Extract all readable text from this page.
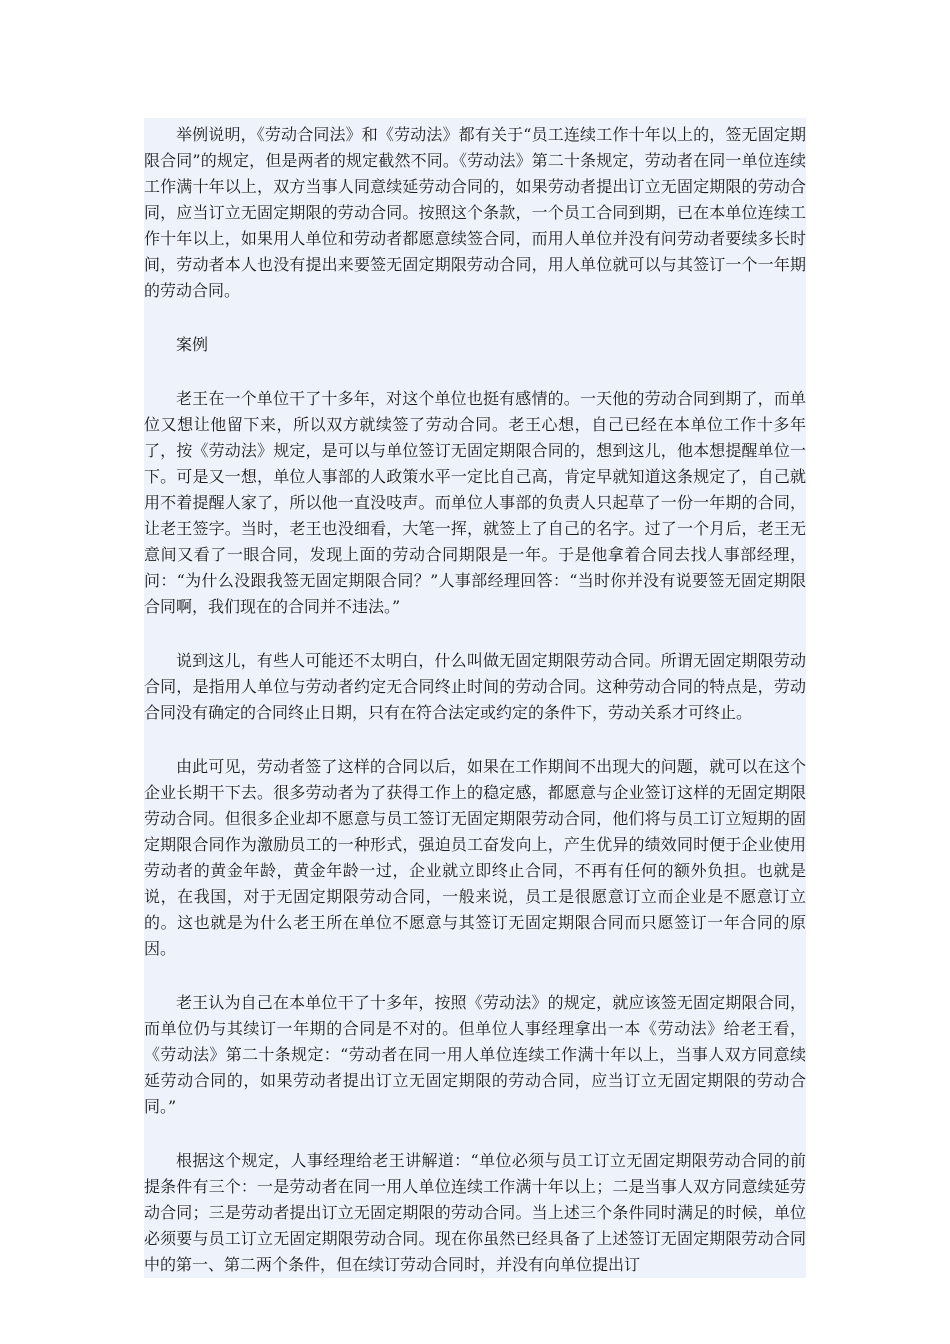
举例说明，《劳动合同法》和《劳动法》都有关于“员工连续工作十年以上的，签无固定期限合同”的规定，但是两者的规定截然不同。《劳动法》第二十条规定，劳动者在同一单位连续工作满十年以上，双方当事人同意续延劳动合同的，如果劳动者提出订立无固定期限的劳动合同，应当订立无固定期限的劳动合同。按照这个条款，一个员工合同到期，已在本单位连续工作十年以上，如果用人单位和劳动者都愿意续签合同，而用人单位并没有问劳动者要续多长时间，劳动者本人也没有提出来要签无固定期限劳动合同，用人单位就可以与其签订一个一年期的劳动合同。

案例

老王在一个单位干了十多年，对这个单位也挺有感情的。一天他的劳动合同到期了，而单位又想让他留下来，所以双方就续签了劳动合同。老王心想，自己已经在本单位工作十多年了，按《劳动法》规定，是可以与单位签订无固定期限合同的，想到这儿，他本想提醒单位一下。可是又一想，单位人事部的人政策水平一定比自己高，肯定早就知道这条规定了，自己就用不着提醒人家了，所以他一直没吱声。而单位人事部的负责人只起草了一份一年期的合同，让老王签字。当时，老王也没细看，大笔一挥，就签上了自己的名字。过了一个月后，老王无意间又看了一眼合同，发现上面的劳动合同期限是一年。于是他拿着合同去找人事部经理，问：“为什么没跟我签无固定期限合同？”人事部经理回答：“当时你并没有说要签无固定期限合同啊，我们现在的合同并不违法。”

说到这儿，有些人可能还不太明白，什么叫做无固定期限劳动合同。所谓无固定期限劳动合同，是指用人单位与劳动者约定无合同终止时间的劳动合同。这种劳动合同的特点是，劳动合同没有确定的合同终止日期，只有在符合法定或约定的条件下，劳动关系才可终止。

由此可见，劳动者签了这样的合同以后，如果在工作期间不出现大的问题，就可以在这个企业长期干下去。很多劳动者为了获得工作上的稳定感，都愿意与企业签订这样的无固定期限劳动合同。但很多企业却不愿意与员工签订无固定期限劳动合同，他们将与员工订立短期的固定期限合同作为激励员工的一种形式，强迫员工奋发向上，产生优异的绩效同时便于企业使用劳动者的黄金年龄，黄金年龄一过，企业就立即终止合同，不再有任何的额外负担。也就是说，在我国，对于无固定期限劳动合同，一般来说，员工是很愿意订立而企业是不愿意订立的。这也就是为什么老王所在单位不愿意与其签订无固定期限合同而只愿签订一年合同的原因。

老王认为自己在本单位干了十多年，按照《劳动法》的规定，就应该签无固定期限合同，而单位仍与其续订一年期的合同是不对的。但单位人事经理拿出一本《劳动法》给老王看，《劳动法》第二十条规定：“劳动者在同一用人单位连续工作满十年以上，当事人双方同意续延劳动合同的，如果劳动者提出订立无固定期限的劳动合同，应当订立无固定期限的劳动合同。”

根据这个规定，人事经理给老王讲解道：“单位必须与员工订立无固定期限劳动合同的前提条件有三个：一是劳动者在同一用人单位连续工作满十年以上；二是当事人双方同意续延劳动合同；三是劳动者提出订立无固定期限的劳动合同。当上述三个条件同时满足的时候，单位必须要与员工订立无固定期限劳动合同。现在你虽然已经具备了上述签订无固定期限劳动合同中的第一、第二两个条件，但在续订劳动合同时，并没有向单位提出订
